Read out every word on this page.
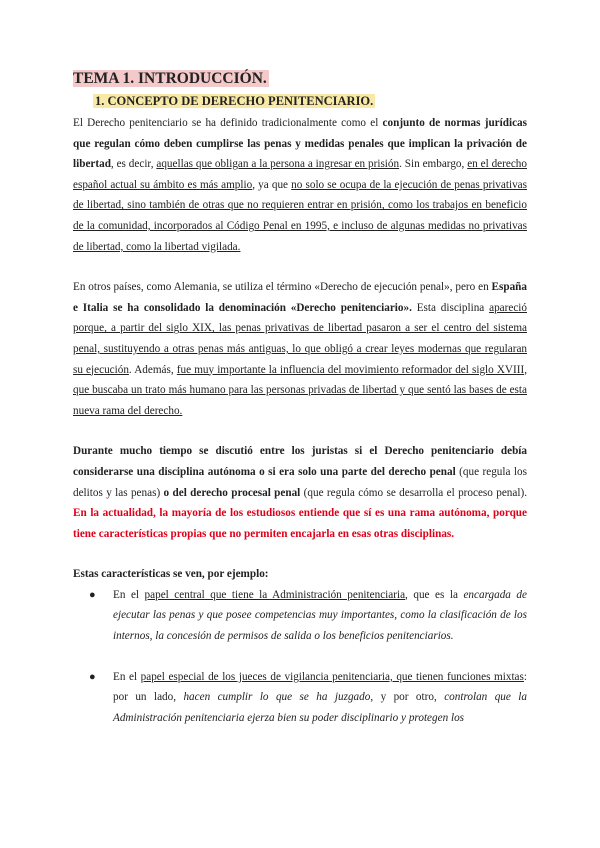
TEMA 1. INTRODUCCIÓN.
1. CONCEPTO DE DERECHO PENITENCIARIO.

El Derecho penitenciario se ha definido tradicionalmente como el conjunto de normas jurídicas que regulan cómo deben cumplirse las penas y medidas penales que implican la privación de libertad, es decir, aquellas que obligan a la persona a ingresar en prisión. Sin embargo, en el derecho español actual su ámbito es más amplio, ya que no solo se ocupa de la ejecución de penas privativas de libertad, sino también de otras que no requieren entrar en prisión, como los trabajos en beneficio de la comunidad, incorporados al Código Penal en 1995, e incluso de algunas medidas no privativas de libertad, como la libertad vigilada.

En otros países, como Alemania, se utiliza el término «Derecho de ejecución penal», pero en España e Italia se ha consolidado la denominación «Derecho penitenciario». Esta disciplina apareció porque, a partir del siglo XIX, las penas privativas de libertad pasaron a ser el centro del sistema penal, sustituyendo a otras penas más antiguas, lo que obligó a crear leyes modernas que regularan su ejecución. Además, fue muy importante la influencia del movimiento reformador del siglo XVIII, que buscaba un trato más humano para las personas privadas de libertad y que sentó las bases de esta nueva rama del derecho.

Durante mucho tiempo se discutió entre los juristas si el Derecho penitenciario debía considerarse una disciplina autónoma o si era solo una parte del derecho penal (que regula los delitos y las penas) o del derecho procesal penal (que regula cómo se desarrolla el proceso penal). En la actualidad, la mayoría de los estudiosos entiende que sí es una rama autónoma, porque tiene características propias que no permiten encajarla en esas otras disciplinas.

Estas características se ven, por ejemplo:

● En el papel central que tiene la Administración penitenciaria, que es la encargada de ejecutar las penas y que posee competencias muy importantes, como la clasificación de los internos, la concesión de permisos de salida o los beneficios penitenciarios.
● En el papel especial de los jueces de vigilancia penitenciaria, que tienen funciones mixtas: por un lado, hacen cumplir lo que se ha juzgado, y por otro, controlan que la Administración penitenciaria ejerza bien su poder disciplinario y protegen los
